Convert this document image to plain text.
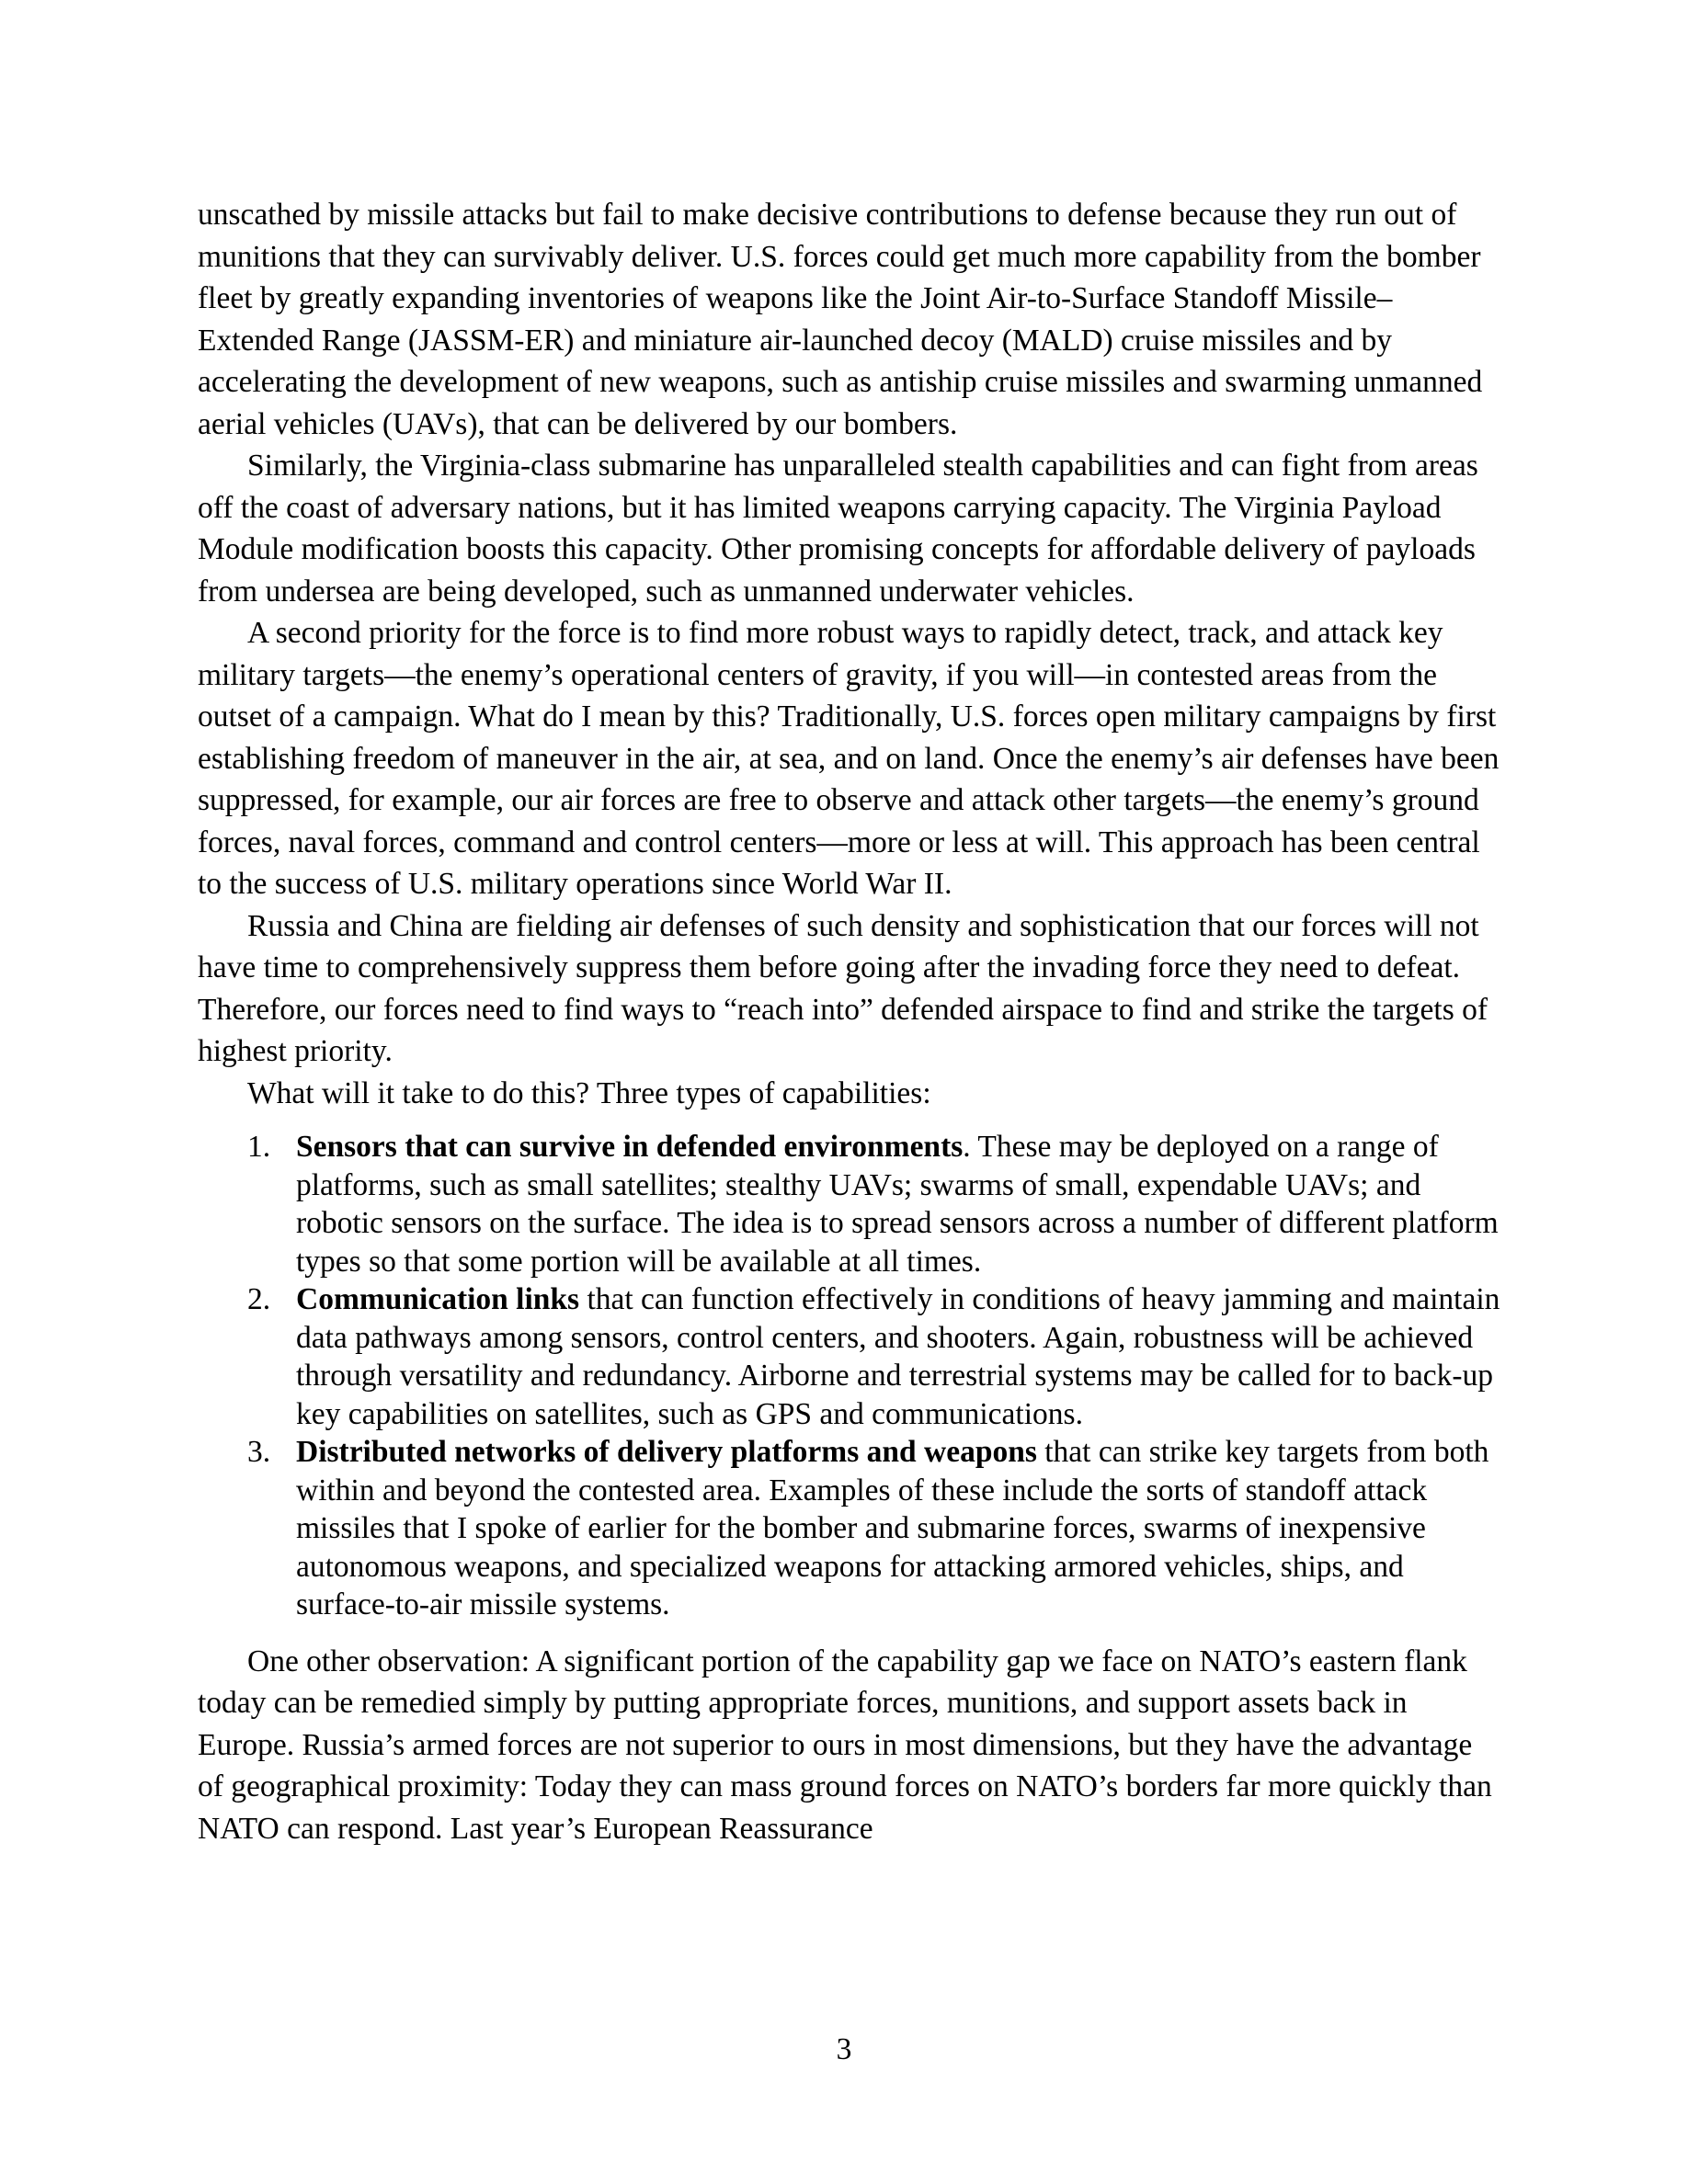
unscathed by missile attacks but fail to make decisive contributions to defense because they run out of munitions that they can survivably deliver. U.S. forces could get much more capability from the bomber fleet by greatly expanding inventories of weapons like the Joint Air-to-Surface Standoff Missile–Extended Range (JASSM-ER) and miniature air-launched decoy (MALD) cruise missiles and by accelerating the development of new weapons, such as antiship cruise missiles and swarming unmanned aerial vehicles (UAVs), that can be delivered by our bombers.

Similarly, the Virginia-class submarine has unparalleled stealth capabilities and can fight from areas off the coast of adversary nations, but it has limited weapons carrying capacity. The Virginia Payload Module modification boosts this capacity. Other promising concepts for affordable delivery of payloads from undersea are being developed, such as unmanned underwater vehicles.

A second priority for the force is to find more robust ways to rapidly detect, track, and attack key military targets—the enemy’s operational centers of gravity, if you will—in contested areas from the outset of a campaign. What do I mean by this? Traditionally, U.S. forces open military campaigns by first establishing freedom of maneuver in the air, at sea, and on land. Once the enemy’s air defenses have been suppressed, for example, our air forces are free to observe and attack other targets—the enemy’s ground forces, naval forces, command and control centers—more or less at will. This approach has been central to the success of U.S. military operations since World War II.

Russia and China are fielding air defenses of such density and sophistication that our forces will not have time to comprehensively suppress them before going after the invading force they need to defeat. Therefore, our forces need to find ways to “reach into” defended airspace to find and strike the targets of highest priority.

What will it take to do this? Three types of capabilities:

1. Sensors that can survive in defended environments. These may be deployed on a range of platforms, such as small satellites; stealthy UAVs; swarms of small, expendable UAVs; and robotic sensors on the surface. The idea is to spread sensors across a number of different platform types so that some portion will be available at all times.
2. Communication links that can function effectively in conditions of heavy jamming and maintain data pathways among sensors, control centers, and shooters. Again, robustness will be achieved through versatility and redundancy. Airborne and terrestrial systems may be called for to back-up key capabilities on satellites, such as GPS and communications.
3. Distributed networks of delivery platforms and weapons that can strike key targets from both within and beyond the contested area. Examples of these include the sorts of standoff attack missiles that I spoke of earlier for the bomber and submarine forces, swarms of inexpensive autonomous weapons, and specialized weapons for attacking armored vehicles, ships, and surface-to-air missile systems.

One other observation: A significant portion of the capability gap we face on NATO’s eastern flank today can be remedied simply by putting appropriate forces, munitions, and support assets back in Europe. Russia’s armed forces are not superior to ours in most dimensions, but they have the advantage of geographical proximity: Today they can mass ground forces on NATO’s borders far more quickly than NATO can respond. Last year’s European Reassurance

3
